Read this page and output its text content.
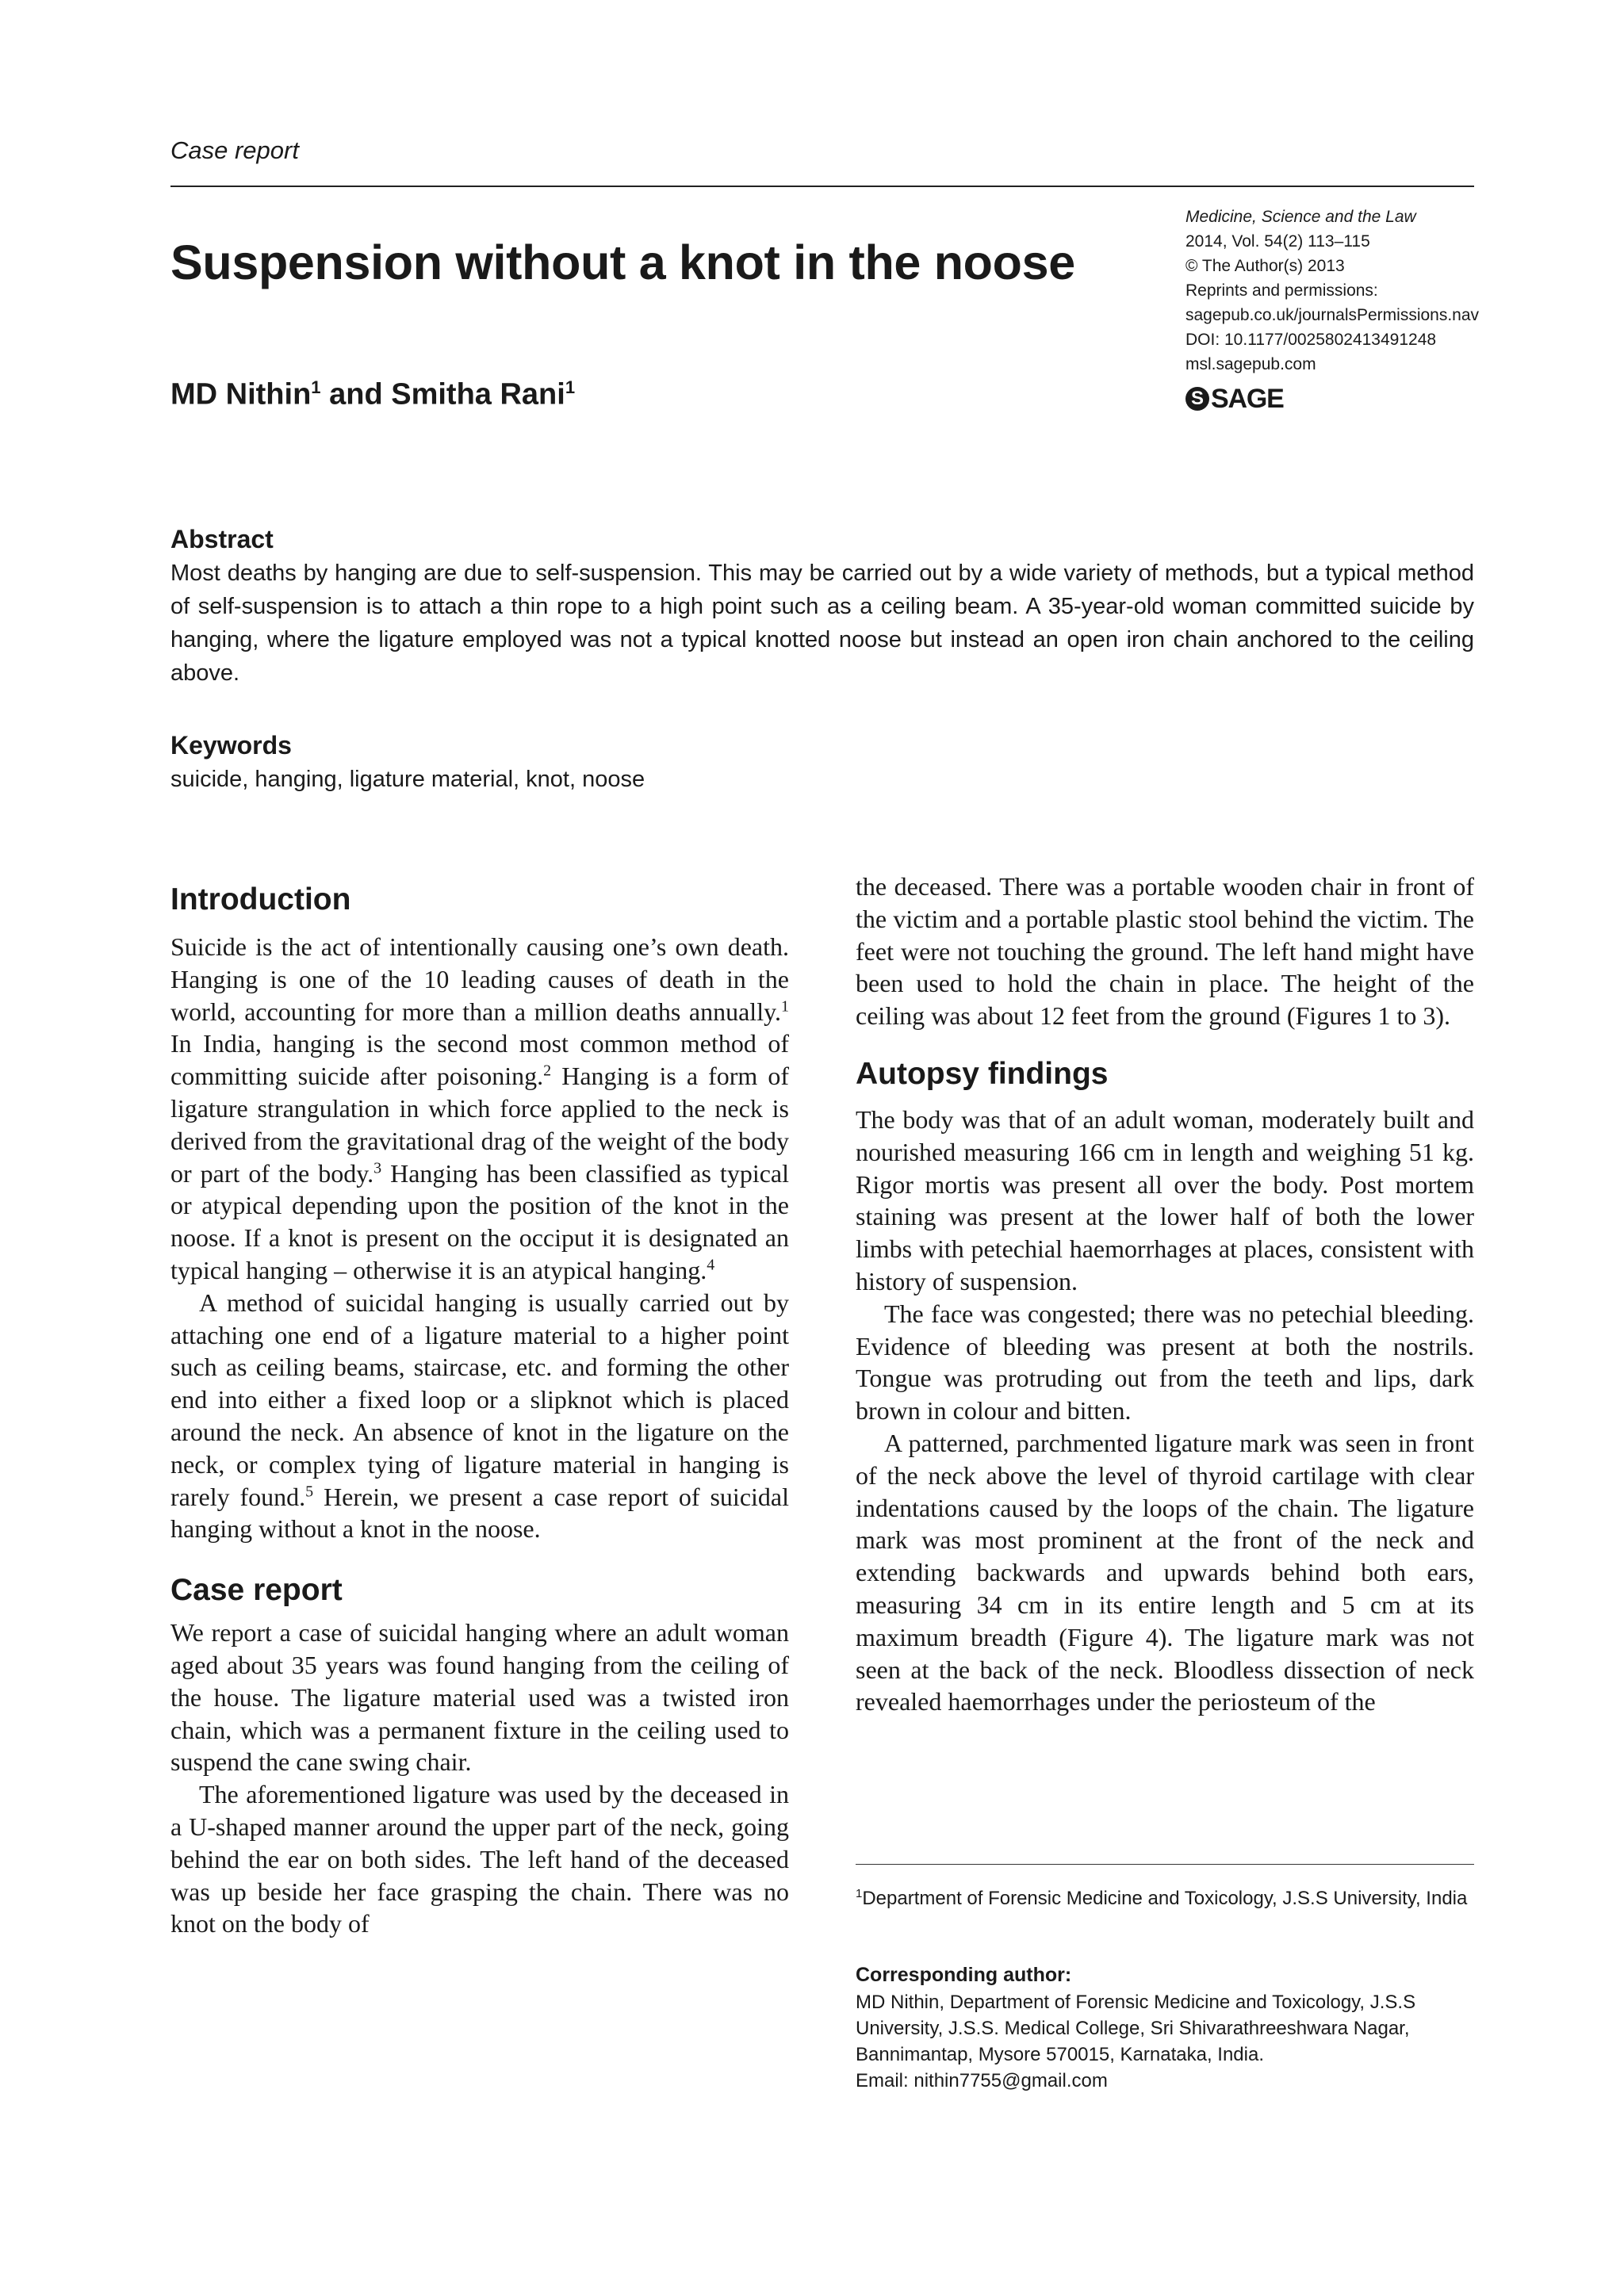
Case report
Suspension without a knot in the noose
MD Nithin$^1$ and Smitha Rani$^1$
Medicine, Science and the Law
2014, Vol. 54(2) 113–115
© The Author(s) 2013
Reprints and permissions:
sagepub.co.uk/journalsPermissions.nav
DOI: 10.1177/0025802413491248
msl.sagepub.com
S SAGE
Abstract
Most deaths by hanging are due to self-suspension. This may be carried out by a wide variety of methods, but a typical method of self-suspension is to attach a thin rope to a high point such as a ceiling beam. A 35-year-old woman committed suicide by hanging, where the ligature employed was not a typical knotted noose but instead an open iron chain anchored to the ceiling above.
Keywords
suicide, hanging, ligature material, knot, noose
Introduction

Suicide is the act of intentionally causing one’s own death. Hanging is one of the 10 leading causes of death in the world, accounting for more than a million deaths annually.$^1$ In India, hanging is the second most common method of committing suicide after poisoning.$^2$ Hanging is a form of ligature strangulation in which force applied to the neck is derived from the gravitational drag of the weight of the body or part of the body.$^3$ Hanging has been classified as typical or atypical depending upon the position of the knot in the noose. If a knot is present on the occiput it is designated an typical hanging – otherwise it is an atypical hanging.$^4$

A method of suicidal hanging is usually carried out by attaching one end of a ligature material to a higher point such as ceiling beams, staircase, etc. and forming the other end into either a fixed loop or a slipknot which is placed around the neck. An absence of knot in the ligature on the neck, or complex tying of ligature material in hanging is rarely found.$^5$ Herein, we present a case report of suicidal hanging without a knot in the noose.

Case report

We report a case of suicidal hanging where an adult woman aged about 35 years was found hanging from the ceiling of the house. The ligature material used was a twisted iron chain, which was a permanent fixture in the ceiling used to suspend the cane swing chair.

The aforementioned ligature was used by the deceased in a U-shaped manner around the upper part of the neck, going behind the ear on both sides. The left hand of the deceased was up beside her face grasping the chain. There was no knot on the body of

the deceased. There was a portable wooden chair in front of the victim and a portable plastic stool behind the victim. The feet were not touching the ground. The left hand might have been used to hold the chain in place. The height of the ceiling was about 12 feet from the ground (Figures 1 to 3).

Autopsy findings

The body was that of an adult woman, moderately built and nourished measuring 166 cm in length and weighing 51 kg. Rigor mortis was present all over the body. Post mortem staining was present at the lower half of both the lower limbs with petechial haemorrhages at places, consistent with history of suspension.

The face was congested; there was no petechial bleeding. Evidence of bleeding was present at both the nostrils. Tongue was protruding out from the teeth and lips, dark brown in colour and bitten.

A patterned, parchmented ligature mark was seen in front of the neck above the level of thyroid cartilage with clear indentations caused by the loops of the chain. The ligature mark was most prominent at the front of the neck and extending backwards and upwards behind both ears, measuring 34 cm in its entire length and 5 cm at its maximum breadth (Figure 4). The ligature mark was not seen at the back of the neck. Bloodless dissection of neck revealed haemorrhages under the periosteum of the

$^1$Department of Forensic Medicine and Toxicology, J.S.S University, India
Corresponding author:
MD Nithin, Department of Forensic Medicine and Toxicology, J.S.S University, J.S.S. Medical College, Sri Shivarathreeshwara Nagar, Bannimantap, Mysore 570015, Karnataka, India.
Email: nithin7755@gmail.com
